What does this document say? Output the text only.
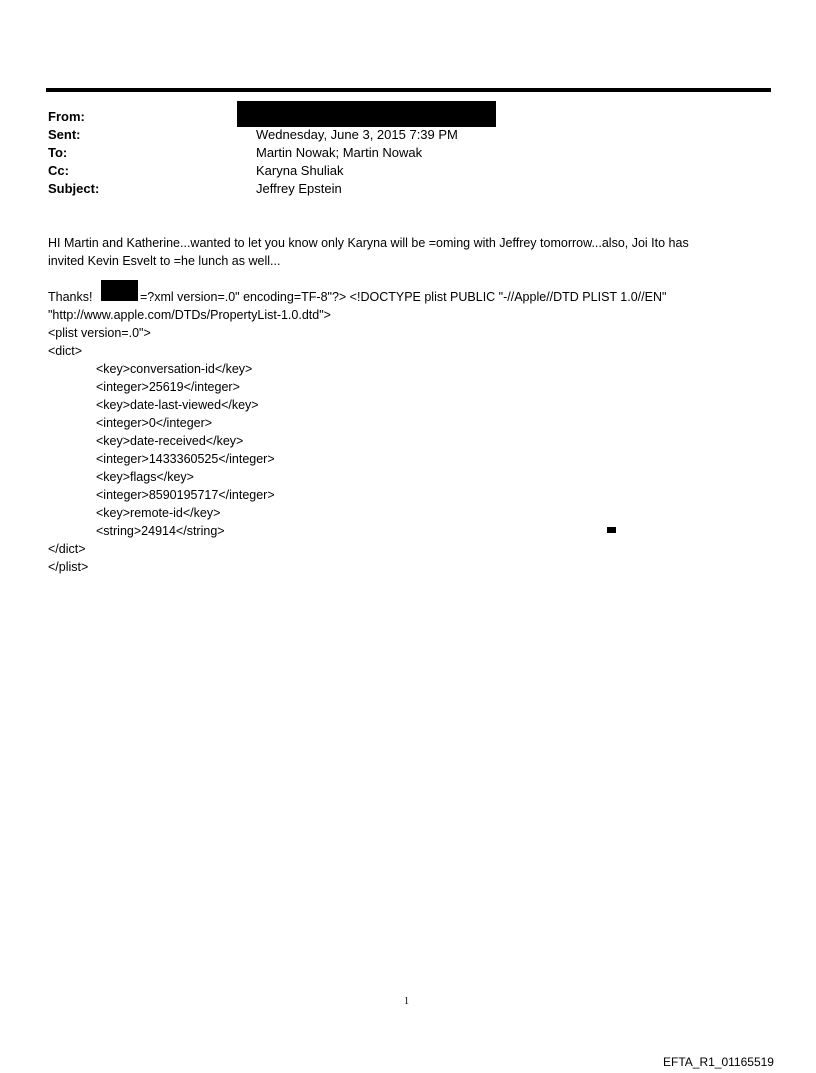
From:
Sent:	Wednesday, June 3, 2015 7:39 PM
To:	Martin Nowak; Martin Nowak
Cc:	Karyna Shuliak
Subject:	Jeffrey Epstein
HI Martin and Katherine...wanted to let you know only Karyna will be =oming with Jeffrey tomorrow...also, Joi Ito has
invited Kevin Esvelt to =he lunch as well...
Thanks!	=?xml version=.0" encoding=TF-8"?> <!DOCTYPE plist PUBLIC "-//Apple//DTD PLIST 1.0//EN"
"http://www.apple.com/DTDs/PropertyList-1.0.dtd">
<plist version=.0">
<dict>
<key>conversation-id</key>
<integer>25619</integer>
<key>date-last-viewed</key>
<integer>0</integer>
<key>date-received</key>
<integer>1433360525</integer>
<key>flags</key>
<integer>8590195717</integer>
<key>remote-id</key>
<string>24914</string>
</dict>
</plist>
1
EFTA_R1_01165519
